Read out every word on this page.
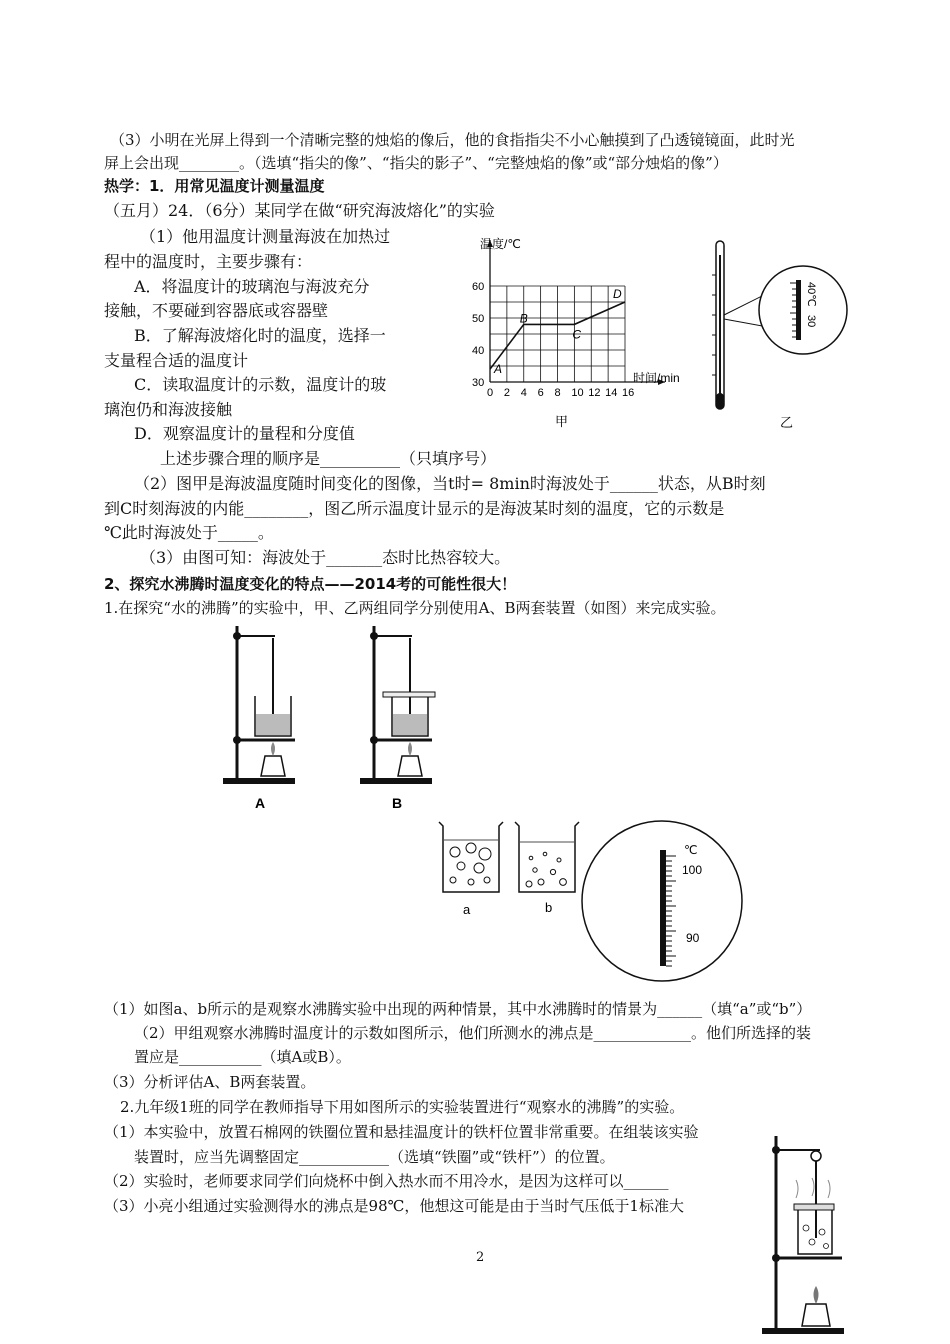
（3）小明在光屏上得到一个清晰完整的烛焰的像后，他的食指指尖不小心触摸到了凸透镜镜面，此时光
屏上会出现________。（选填“指尖的像”、“指尖的影子”、“完整烛焰的像”或“部分烛焰的像”）
热学：1．用常见温度计测量温度
（五月）24．（6分）某同学在做“研究海波熔化”的实验
（1）他用温度计测量海波在加热过
程中的温度时，主要步骤有：
A．将温度计的玻璃泡与海波充分
接触，不要碰到容器底或容器壁
B．了解海波熔化时的温度，选择一
支量程合适的温度计
C．读取温度计的示数，温度计的玻
璃泡仍和海波接触
D．观察温度计的量程和分度值
上述步骤合理的顺序是__________（只填序号）
（2）图甲是海波温度随时间变化的图像，当t时= 8min时海波处于______状态，从B时刻
到C时刻海波的内能________，图乙所示温度计显示的是海波某时刻的温度，它的示数是
℃此时海波处于_____。
（3）由图可知：海波处于_______态时比热容较大。
2、探究水沸腾时温度变化的特点——2014考的可能性很大！
1.在探究“水的沸腾”的实验中，甲、乙两组同学分别使用A、B两套装置（如图）来完成实验。
（1）如图a、b所示的是观察水沸腾实验中出现的两种情景，其中水沸腾时的情景为______（填“a”或“b”）
（2）甲组观察水沸腾时温度计的示数如图所示，他们所测水的沸点是_____________。他们所选择的装
置应是___________（填A或B）。
（3）分析评估A、B两套装置。
2.九年级1班的同学在教师指导下用如图所示的实验装置进行“观察水的沸腾”的实验。
（1）本实验中，放置石棉网的铁圈位置和悬挂温度计的铁杆位置非常重要。在组装该实验
装置时，应当先调整固定____________（选填“铁圈”或“铁杆”）的位置。
（2）实验时，老师要求同学们向烧杯中倒入热水而不用冷水，是因为这样可以______
（3）小亮小组通过实验测得水的沸点是98℃，他想这可能是由于当时气压低于1标准大
2
0 2 4 6 8 10 12 14 16
30
40
50
60
A
B
C
D
温度/℃
时间/min
甲
40℃
30
乙
A	B
a	b
℃
100
90
